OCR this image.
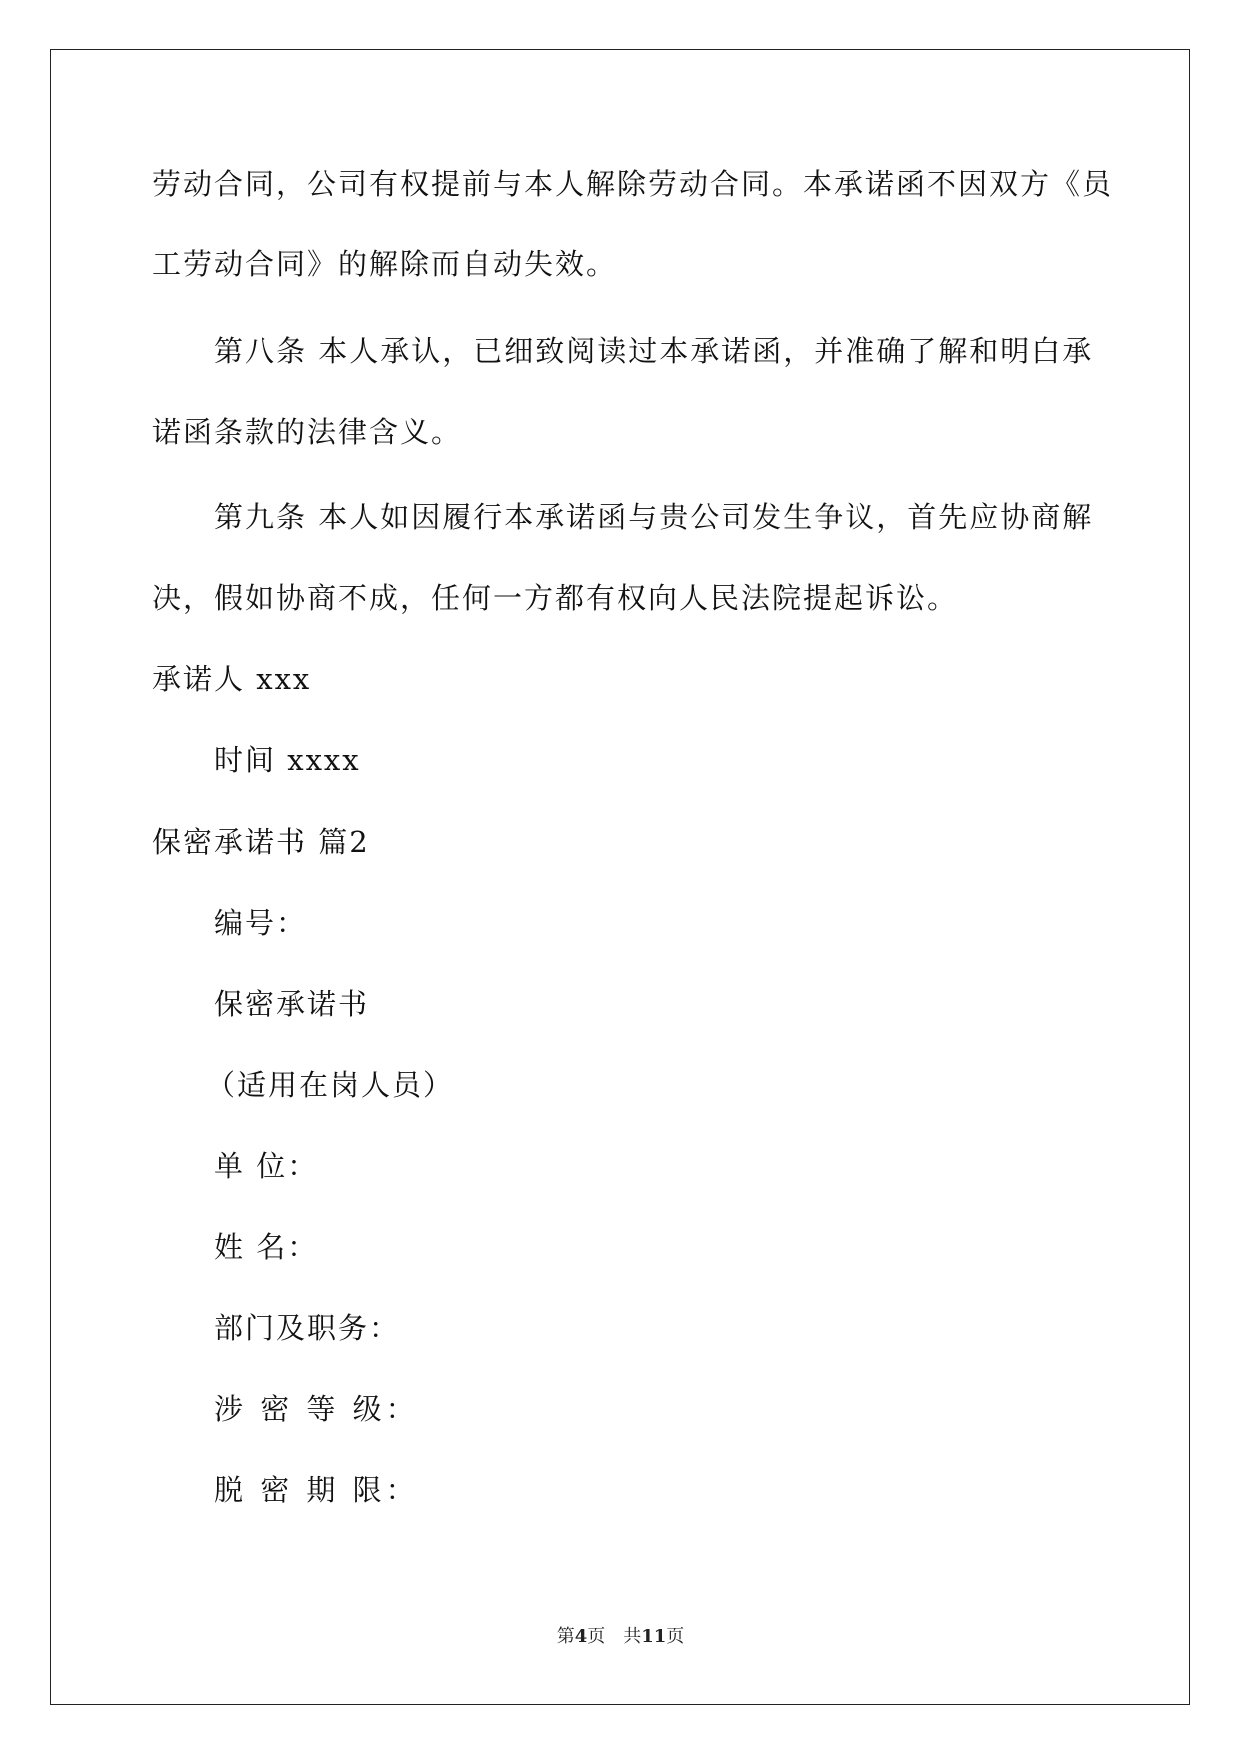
劳动合同，公司有权提前与本人解除劳动合同。本承诺函不因双方《员
工劳动合同》的解除而自动失效。
第八条 本人承认，已细致阅读过本承诺函，并准确了解和明白承
诺函条款的法律含义。
第九条 本人如因履行本承诺函与贵公司发生争议，首先应协商解
决，假如协商不成，任何一方都有权向人民法院提起诉讼。
承诺人 xxx
时间 xxxx
保密承诺书 篇2
编号：
保密承诺书
（适用在岗人员）
单 位：
姓 名：
部门及职务：
涉 密 等 级：
脱 密 期 限：
第4页 共11页
